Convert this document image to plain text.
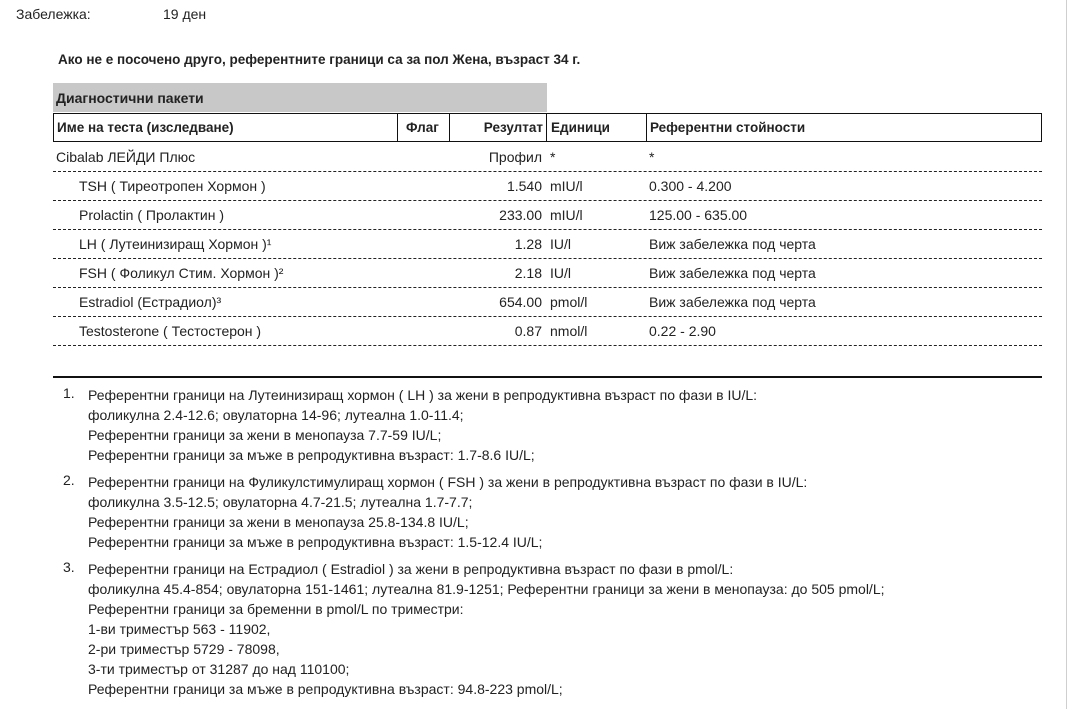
Забележка:	19 ден
Ако не е посочено друго, референтните граници са за пол Жена, възраст 34 г.
Диагностични пакети
Име на теста (изследване)	Флаг	Резултат Единици	Референтни стойности
Cibalab ЛЕЙДИ Плюс	Профил *	*
TSH ( Тиреотропен Хормон )	1.540 mIU/l	0.300 - 4.200
Prolactin ( Пролактин )	233.00 mIU/l	125.00 - 635.00
LH ( Лутеинизиращ Хормон )¹	1.28 IU/l	Виж забележка под черта
FSH ( Фоликул Стим. Хормон )²	2.18 IU/l	Виж забележка под черта
Estradiol (Естрадиол)³	654.00 pmol/l	Виж забележка под черта
Testosterone ( Тестостерон )	0.87 nmol/l	0.22 - 2.90
1. Референтни граници на Лутеинизиращ хормон ( LH ) за жени в репродуктивна възраст по фази в IU/L:
фоликулна 2.4-12.6; овулаторна 14-96; лутеална 1.0-11.4;
Референтни граници за жени в менопауза 7.7-59 IU/L;
Референтни граници за мъже в репродуктивна възраст: 1.7-8.6 IU/L;
2. Референтни граници на Фуликулстимулиращ хормон ( FSH ) за жени в репродуктивна възраст по фази в IU/L:
фоликулна 3.5-12.5; овулаторна 4.7-21.5; лутеална 1.7-7.7;
Референтни граници за жени в менопауза 25.8-134.8 IU/L;
Референтни граници за мъже в репродуктивна възраст: 1.5-12.4 IU/L;
3. Референтни граници на Естрадиол ( Estradiol ) за жени в репродуктивна възраст по фази в pmol/L:
фоликулна 45.4-854; овулаторна 151-1461; лутеална 81.9-1251; Референтни граници за жени в менопауза: до 505 pmol/L;
Референтни граници за бременни в pmol/L по триместри:
1-ви триместър 563 - 11902,
2-ри триместър 5729 - 78098,
3-ти триместър от 31287 до над 110100;
Референтни граници за мъже в репродуктивна възраст: 94.8-223 pmol/L;
